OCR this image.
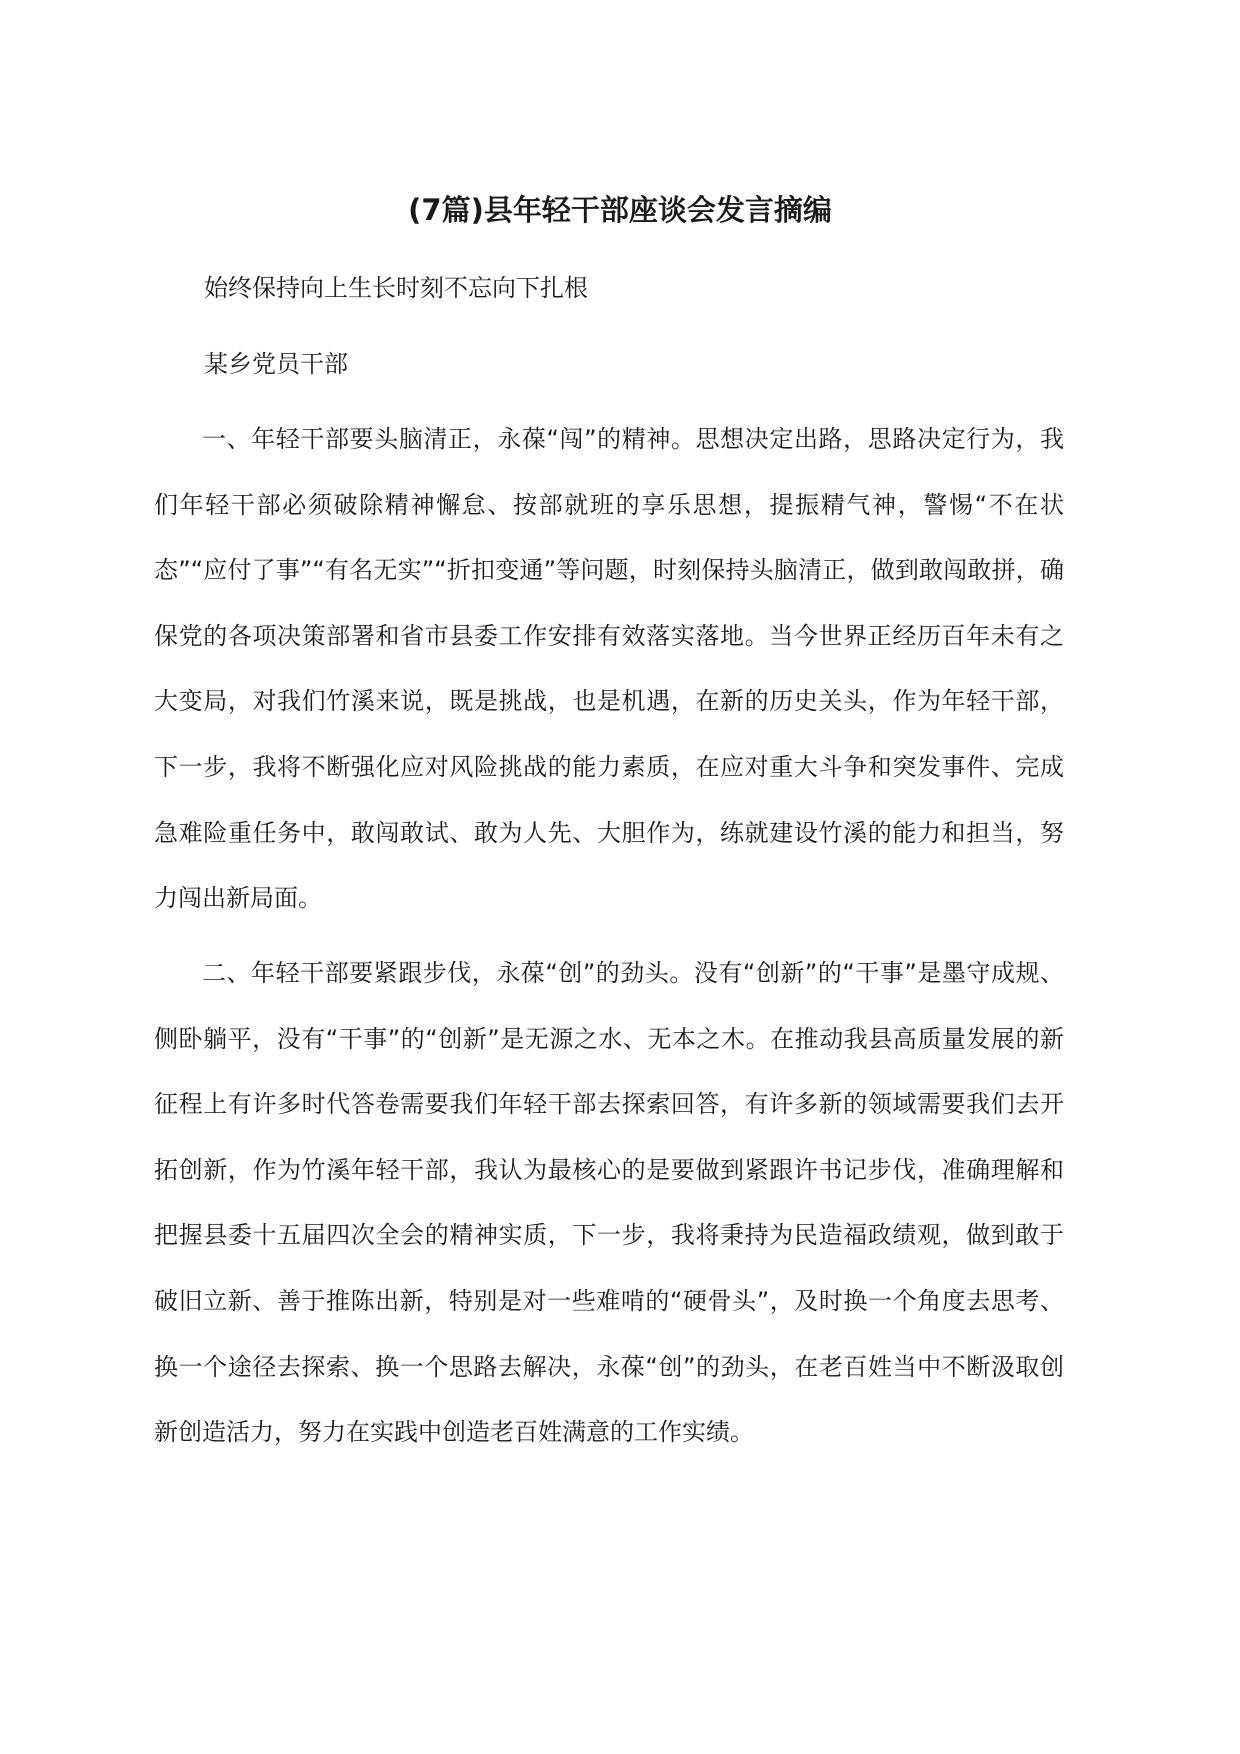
(7篇)县年轻干部座谈会发言摘编

始终保持向上生长时刻不忘向下扎根

某乡党员干部

一、年轻干部要头脑清正，永葆“闯”的精神。思想决定出路，思路决定行为，我们年轻干部必须破除精神懈怠、按部就班的享乐思想，提振精气神，警惕“不在状态”“应付了事”“有名无实”“折扣变通”等问题，时刻保持头脑清正，做到敢闯敢拼，确保党的各项决策部署和省市县委工作安排有效落实落地。当今世界正经历百年未有之大变局，对我们竹溪来说，既是挑战，也是机遇，在新的历史关头，作为年轻干部，下一步，我将不断强化应对风险挑战的能力素质，在应对重大斗争和突发事件、完成急难险重任务中，敢闯敢试、敢为人先、大胆作为，练就建设竹溪的能力和担当，努力闯出新局面。

二、年轻干部要紧跟步伐，永葆“创”的劲头。没有“创新”的“干事”是墨守成规、侧卧躺平，没有“干事”的“创新”是无源之水、无本之木。在推动我县高质量发展的新征程上有许多时代答卷需要我们年轻干部去探索回答，有许多新的领域需要我们去开拓创新，作为竹溪年轻干部，我认为最核心的是要做到紧跟许书记步伐，准确理解和把握县委十五届四次全会的精神实质，下一步，我将秉持为民造福政绩观，做到敢于破旧立新、善于推陈出新，特别是对一些难啃的“硬骨头”，及时换一个角度去思考、换一个途径去探索、换一个思路去解决，永葆“创”的劲头，在老百姓当中不断汲取创新创造活力，努力在实践中创造老百姓满意的工作实绩。
